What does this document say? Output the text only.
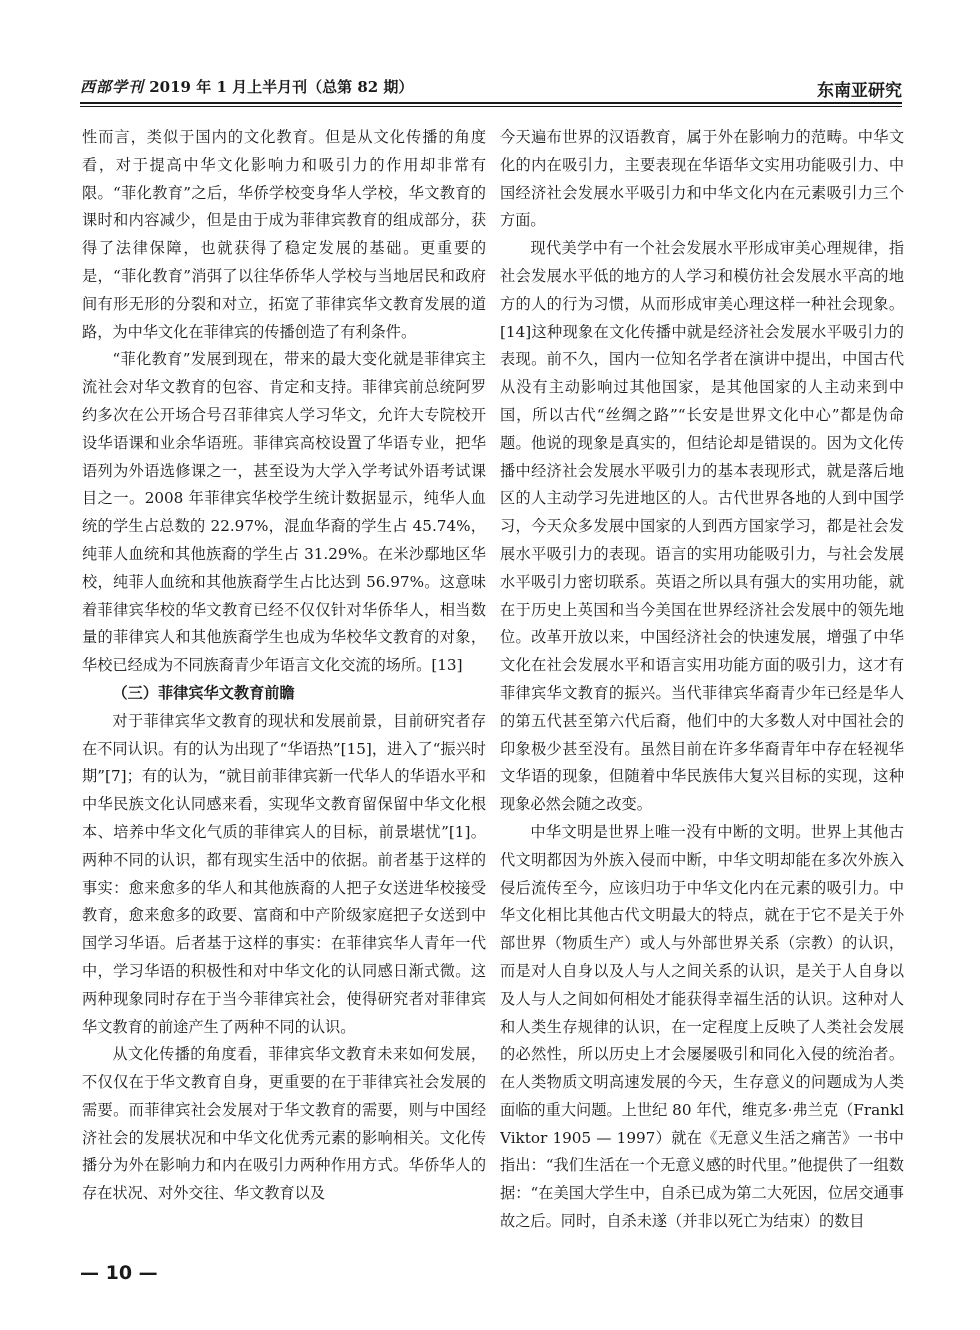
西部学刊 2019 年 1 月上半月刊（总第 82 期）	东南亚研究

性而言，类似于国内的文化教育。但是从文化传播的角度看，对于提高中华文化影响力和吸引力的作用却非常有限。“菲化教育”之后，华侨学校变身华人学校，华文教育的课时和内容减少，但是由于成为菲律宾教育的组成部分，获得了法律保障，也就获得了稳定发展的基础。更重要的是，“菲化教育”消弭了以往华侨华人学校与当地居民和政府间有形无形的分裂和对立，拓宽了菲律宾华文教育发展的道路，为中华文化在菲律宾的传播创造了有利条件。

“菲化教育”发展到现在，带来的最大变化就是菲律宾主流社会对华文教育的包容、肯定和支持。菲律宾前总统阿罗约多次在公开场合号召菲律宾人学习华文，允许大专院校开设华语课和业余华语班。菲律宾高校设置了华语专业，把华语列为外语选修课之一，甚至设为大学入学考试外语考试课目之一。2008 年菲律宾华校学生统计数据显示，纯华人血统的学生占总数的 22.97%，混血华裔的学生占 45.74%，纯菲人血统和其他族裔的学生占 31.29%。在米沙鄢地区华校，纯菲人血统和其他族裔学生占比达到 56.97%。这意味着菲律宾华校的华文教育已经不仅仅针对华侨华人，相当数量的菲律宾人和其他族裔学生也成为华校华文教育的对象，华校已经成为不同族裔青少年语言文化交流的场所。[13]

（三）菲律宾华文教育前瞻

对于菲律宾华文教育的现状和发展前景，目前研究者存在不同认识。有的认为出现了“华语热”[15]，进入了“振兴时期”[7]；有的认为，“就目前菲律宾新一代华人的华语水平和中华民族文化认同感来看，实现华文教育留保留中华文化根本、培养中华文化气质的菲律宾人的目标，前景堪忧”[1]。两种不同的认识，都有现实生活中的依据。前者基于这样的事实：愈来愈多的华人和其他族裔的人把子女送进华校接受教育，愈来愈多的政要、富商和中产阶级家庭把子女送到中国学习华语。后者基于这样的事实：在菲律宾华人青年一代中，学习华语的积极性和对中华文化的认同感日渐式微。这两种现象同时存在于当今菲律宾社会，使得研究者对菲律宾华文教育的前途产生了两种不同的认识。

从文化传播的角度看，菲律宾华文教育未来如何发展，不仅仅在于华文教育自身，更重要的在于菲律宾社会发展的需要。而菲律宾社会发展对于华文教育的需要，则与中国经济社会的发展状况和中华文化优秀元素的影响相关。文化传播分为外在影响力和内在吸引力两种作用方式。华侨华人的存在状况、对外交往、华文教育以及

今天遍布世界的汉语教育，属于外在影响力的范畴。中华文化的内在吸引力，主要表现在华语华文实用功能吸引力、中国经济社会发展水平吸引力和中华文化内在元素吸引力三个方面。

现代美学中有一个社会发展水平形成审美心理规律，指社会发展水平低的地方的人学习和模仿社会发展水平高的地方的人的行为习惯，从而形成审美心理这样一种社会现象。[14]这种现象在文化传播中就是经济社会发展水平吸引力的表现。前不久，国内一位知名学者在演讲中提出，中国古代从没有主动影响过其他国家，是其他国家的人主动来到中国，所以古代“丝绸之路”“长安是世界文化中心”都是伪命题。他说的现象是真实的，但结论却是错误的。因为文化传播中经济社会发展水平吸引力的基本表现形式，就是落后地区的人主动学习先进地区的人。古代世界各地的人到中国学习，今天众多发展中国家的人到西方国家学习，都是社会发展水平吸引力的表现。语言的实用功能吸引力，与社会发展水平吸引力密切联系。英语之所以具有强大的实用功能，就在于历史上英国和当今美国在世界经济社会发展中的领先地位。改革开放以来，中国经济社会的快速发展，增强了中华文化在社会发展水平和语言实用功能方面的吸引力，这才有菲律宾华文教育的振兴。当代菲律宾华裔青少年已经是华人的第五代甚至第六代后裔，他们中的大多数人对中国社会的印象极少甚至没有。虽然目前在许多华裔青年中存在轻视华文华语的现象，但随着中华民族伟大复兴目标的实现，这种现象必然会随之改变。

中华文明是世界上唯一没有中断的文明。世界上其他古代文明都因为外族入侵而中断，中华文明却能在多次外族入侵后流传至今，应该归功于中华文化内在元素的吸引力。中华文化相比其他古代文明最大的特点，就在于它不是关于外部世界（物质生产）或人与外部世界关系（宗教）的认识，而是对人自身以及人与人之间关系的认识，是关于人自身以及人与人之间如何相处才能获得幸福生活的认识。这种对人和人类生存规律的认识，在一定程度上反映了人类社会发展的必然性，所以历史上才会屡屡吸引和同化入侵的统治者。在人类物质文明高速发展的今天，生存意义的问题成为人类面临的重大问题。上世纪 80 年代，维克多·弗兰克（Frankl Viktor 1905 — 1997）就在《无意义生活之痛苦》一书中指出：“我们生活在一个无意义感的时代里。”他提供了一组数据：“在美国大学生中，自杀已成为第二大死因，位居交通事故之后。同时，自杀未遂（并非以死亡为结束）的数目

— 10 —
